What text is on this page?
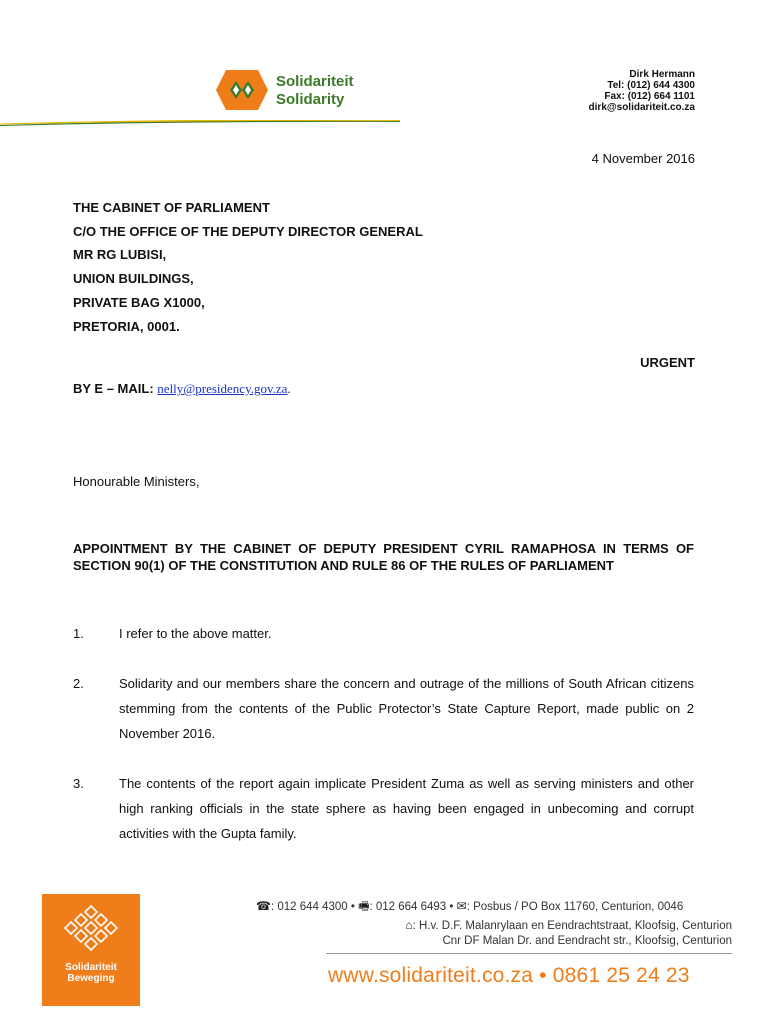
Solidariteit
Solidarity
Dirk Hermann
Tel: (012) 644 4300
Fax: (012) 664 1101
dirk@solidariteit.co.za
4 November 2016
THE CABINET OF PARLIAMENT
C/O THE OFFICE OF THE DEPUTY DIRECTOR GENERAL
MR RG LUBISI,
UNION BUILDINGS,
PRIVATE BAG X1000,
PRETORIA, 0001.
URGENT
BY E – MAIL: nelly@presidency.gov.za.
Honourable Ministers,
APPOINTMENT BY THE CABINET OF DEPUTY PRESIDENT CYRIL RAMAPHOSA IN TERMS OF SECTION 90(1) OF THE CONSTITUTION AND RULE 86 OF THE RULES OF PARLIAMENT
1.	I refer to the above matter.
2.	Solidarity and our members share the concern and outrage of the millions of South African citizens stemming from the contents of the Public Protector’s State Capture Report, made public on 2 November 2016.
3.	The contents of the report again implicate President Zuma as well as serving ministers and other high ranking officials in the state sphere as having been engaged in unbecoming and corrupt activities with the Gupta family.
Solidariteit
Beweging
☎: 012 644 4300 • 🖷: 012 664 6493 • ✉: Posbus / PO Box 11760, Centurion, 0046
⌂: H.v. D.F. Malanrylaan en Eendrachtstraat, Kloofsig, Centurion
Cnr DF Malan Dr. and Eendracht str., Kloofsig, Centurion
www.solidariteit.co.za • 0861 25 24 23
